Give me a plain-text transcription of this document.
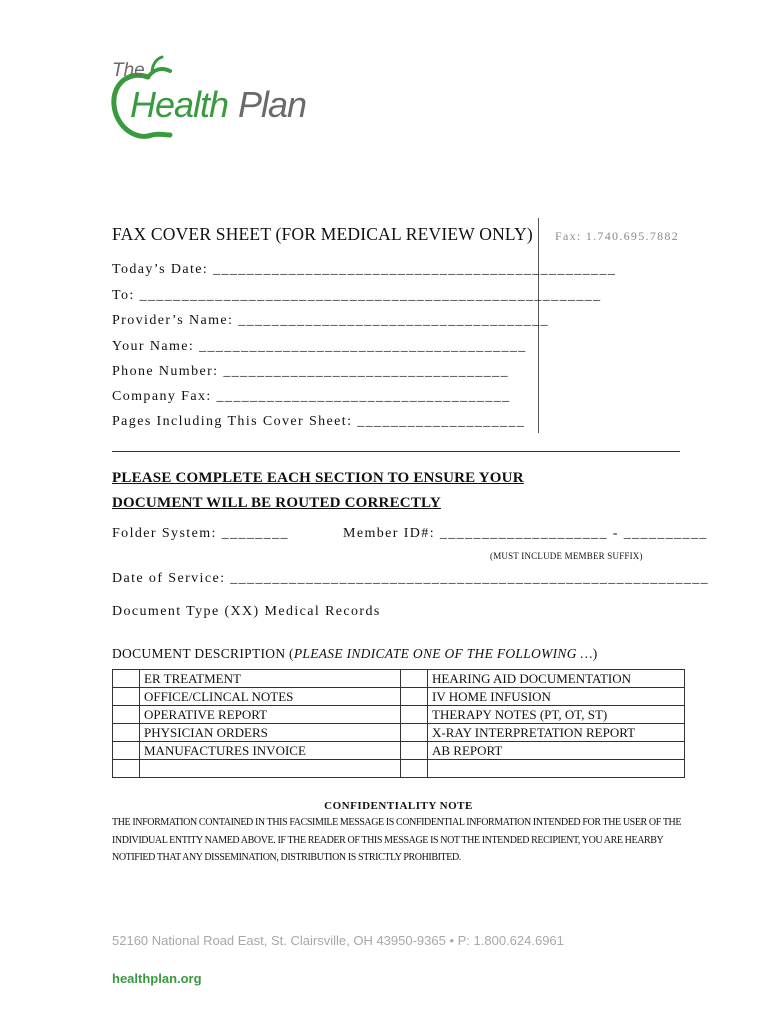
The
Health Plan
FAX COVER SHEET (FOR MEDICAL REVIEW ONLY) Fax: 1.740.695.7882
Today’s Date: ________________________________________________
To: _______________________________________________________
Provider’s Name: _____________________________________
Your Name: _______________________________________
Phone Number: __________________________________
Company Fax: ___________________________________
Pages Including This Cover Sheet: ____________________
PLEASE COMPLETE EACH SECTION TO ENSURE YOUR
DOCUMENT WILL BE ROUTED CORRECTLY
Folder System: ________	Member ID#: ____________________ - __________
(MUST INCLUDE MEMBER SUFFIX)
Date of Service: _________________________________________________________
Document Type (XX) Medical Records
DOCUMENT DESCRIPTION (PLEASE INDICATE ONE OF THE FOLLOWING …)
	ER TREATMENT		HEARING AID DOCUMENTATION
	OFFICE/CLINCAL NOTES		IV HOME INFUSION
	OPERATIVE REPORT		THERAPY NOTES (PT, OT, ST)
	PHYSICIAN ORDERS		X-RAY INTERPRETATION REPORT
	MANUFACTURES INVOICE		AB REPORT

CONFIDENTIALITY NOTE
THE INFORMATION CONTAINED IN THIS FACSIMILE MESSAGE IS CONFIDENTIAL INFORMATION INTENDED FOR THE USER OF THE INDIVIDUAL ENTITY NAMED ABOVE. IF THE READER OF THIS MESSAGE IS NOT THE INTENDED RECIPIENT, YOU ARE HEARBY NOTIFIED THAT ANY DISSEMINATION, DISTRIBUTION IS STRICTLY PROHIBITED.
52160 National Road East, St. Clairsville, OH 43950-9365 • P: 1.800.624.6961
healthplan.org
